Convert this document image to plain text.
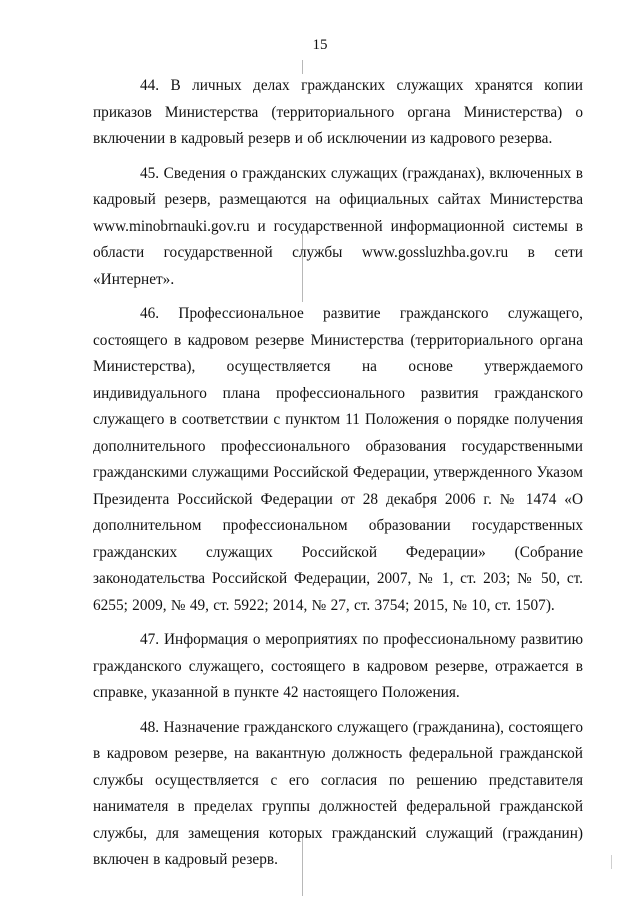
15

44. В личных делах гражданских служащих хранятся копии приказов Министерства (территориального органа Министерства) о включении в кадровый резерв и об исключении из кадрового резерва.

45. Сведения о гражданских служащих (гражданах), включенных в кадровый резерв, размещаются на официальных сайтах Министерства www.minobrnauki.gov.ru и государственной информационной системы в области государственной службы www.gossluzhba.gov.ru в сети «Интернет».

46. Профессиональное развитие гражданского служащего, состоящего в кадровом резерве Министерства (территориального органа Министерства), осуществляется на основе утверждаемого индивидуального плана профессионального развития гражданского служащего в соответствии с пунктом 11 Положения о порядке получения дополнительного профессионального образования государственными гражданскими служащими Российской Федерации, утвержденного Указом Президента Российской Федерации от 28 декабря 2006 г. № 1474 «О дополнительном профессиональном образовании государственных гражданских служащих Российской Федерации» (Собрание законодательства Российской Федерации, 2007, № 1, ст. 203; № 50, ст. 6255; 2009, № 49, ст. 5922; 2014, № 27, ст. 3754; 2015, № 10, ст. 1507).

47. Информация о мероприятиях по профессиональному развитию гражданского служащего, состоящего в кадровом резерве, отражается в справке, указанной в пункте 42 настоящего Положения.

48. Назначение гражданского служащего (гражданина), состоящего в кадровом резерве, на вакантную должность федеральной гражданской службы осуществляется с его согласия по решению представителя нанимателя в пределах группы должностей федеральной гражданской службы, для замещения которых гражданский служащий (гражданин) включен в кадровый резерв.
